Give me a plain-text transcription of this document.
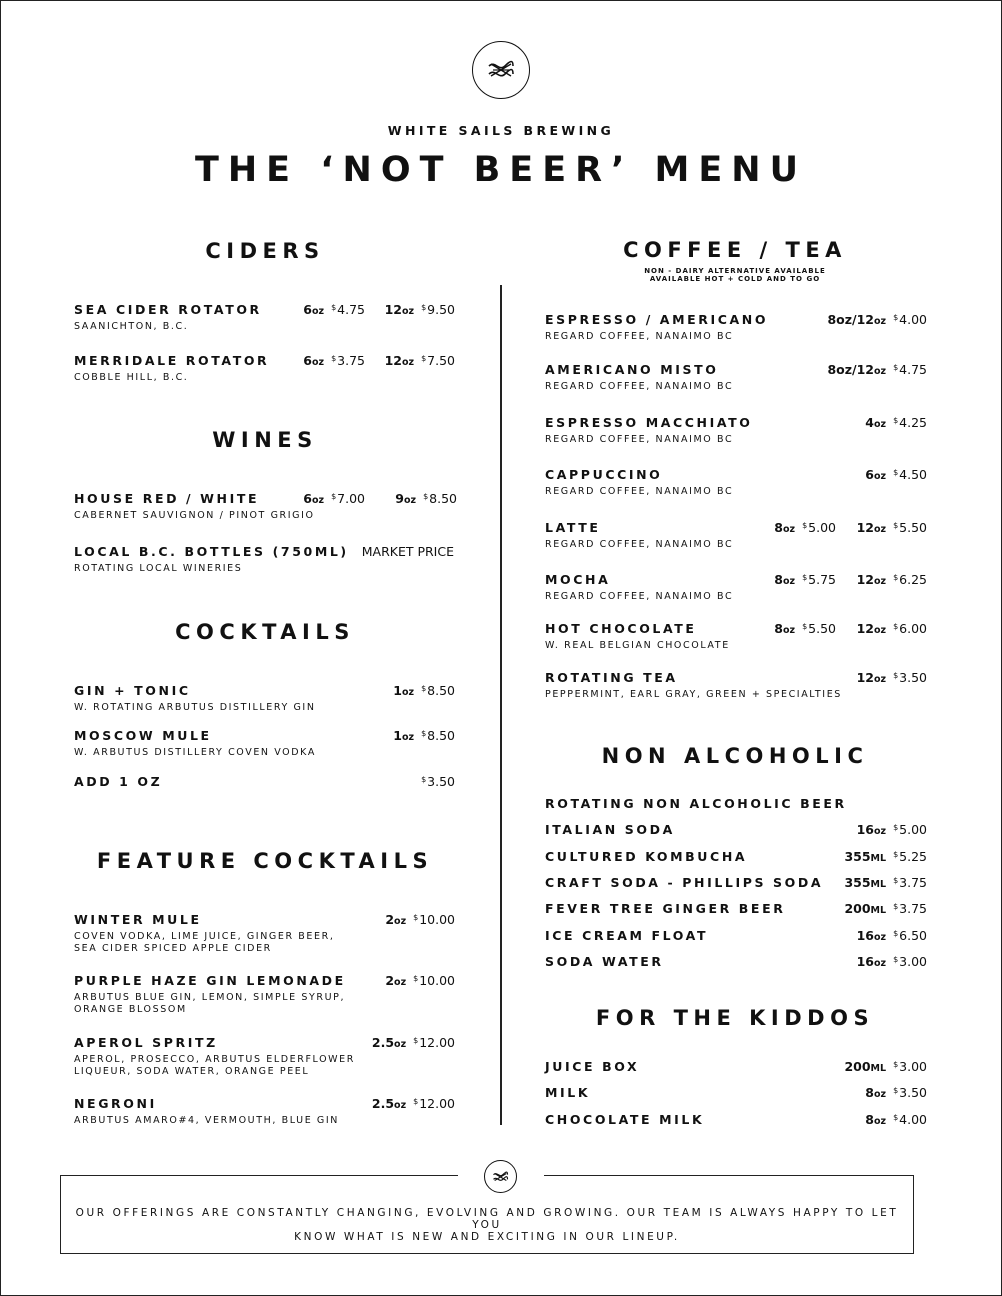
WHITE SAILS BREWING
THE ‘NOT BEER’ MENU
CIDERS
WINES
COCKTAILS
FEATURE COCKTAILS
COFFEE / TEA
NON - DAIRY ALTERNATIVE AVAILABLE
AVAILABLE HOT + COLD AND TO GO
NON ALCOHOLIC
FOR THE KIDDOS
SEA CIDER ROTATOR
SAANICHTON, B.C.
6oz $4.75 12oz $9.50
MERRIDALE ROTATOR
COBBLE HILL, B.C.
6oz $3.75 12oz $7.50
HOUSE RED / WHITE
CABERNET SAUVIGNON / PINOT GRIGIO
6oz $7.00 9oz $8.50
LOCAL B.C. BOTTLES (750ML)
ROTATING LOCAL WINERIES
MARKET PRICE
GIN + TONIC
W. ROTATING ARBUTUS DISTILLERY GIN
1oz $8.50
MOSCOW MULE
W. ARBUTUS DISTILLERY COVEN VODKA
1oz $8.50
ADD 1 OZ	$3.50
WINTER MULE
COVEN VODKA, LIME JUICE, GINGER BEER,
SEA CIDER SPICED APPLE CIDER
2oz $10.00
PURPLE HAZE GIN LEMONADE
ARBUTUS BLUE GIN, LEMON, SIMPLE SYRUP,
ORANGE BLOSSOM
2oz $10.00
APEROL SPRITZ
APEROL, PROSECCO, ARBUTUS ELDERFLOWER
LIQUEUR, SODA WATER, ORANGE PEEL
2.5oz $12.00
NEGRONI
ARBUTUS AMARO#4, VERMOUTH, BLUE GIN
2.5oz $12.00
ESPRESSO / AMERICANO
REGARD COFFEE, NANAIMO BC
8oz/12oz $4.00
AMERICANO MISTO
REGARD COFFEE, NANAIMO BC
8oz/12oz $4.75
ESPRESSO MACCHIATO
REGARD COFFEE, NANAIMO BC
4oz $4.25
CAPPUCCINO
REGARD COFFEE, NANAIMO BC
6oz $4.50
LATTE
REGARD COFFEE, NANAIMO BC
8oz $5.00 12oz $5.50
MOCHA
REGARD COFFEE, NANAIMO BC
8oz $5.75 12oz $6.25
HOT CHOCOLATE
W. REAL BELGIAN CHOCOLATE
8oz $5.50 12oz $6.00
ROTATING TEA
PEPPERMINT, EARL GRAY, GREEN + SPECIALTIES
12oz $3.50
ROTATING NON ALCOHOLIC BEER
ITALIAN SODA	16oz $5.00
CULTURED KOMBUCHA	355ML $5.25
CRAFT SODA - PHILLIPS SODA 355ML $3.75
FEVER TREE GINGER BEER	200ML $3.75
ICE CREAM FLOAT	16oz $6.50
SODA WATER	16oz $3.00
JUICE BOX	200ML $3.00
MILK	8oz $3.50
CHOCOLATE MILK	8oz $4.00
OUR OFFERINGS ARE CONSTANTLY CHANGING, EVOLVING AND GROWING. OUR TEAM IS ALWAYS HAPPY TO LET YOU
KNOW WHAT IS NEW AND EXCITING IN OUR LINEUP.
